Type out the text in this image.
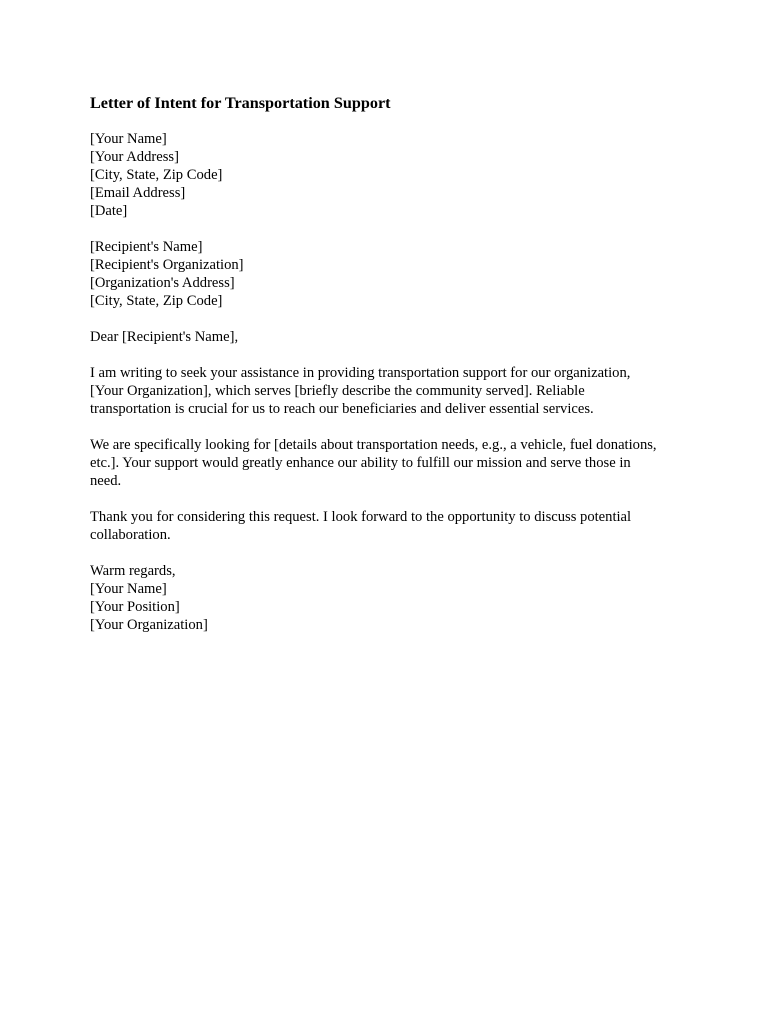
Letter of Intent for Transportation Support
[Your Name]
[Your Address]
[City, State, Zip Code]
[Email Address]
[Date]
[Recipient's Name]
[Recipient's Organization]
[Organization's Address]
[City, State, Zip Code]
Dear [Recipient's Name],

I am writing to seek your assistance in providing transportation support for our organization,
[Your Organization], which serves [briefly describe the community served]. Reliable
transportation is crucial for us to reach our beneficiaries and deliver essential services.

We are specifically looking for [details about transportation needs, e.g., a vehicle, fuel donations,
etc.]. Your support would greatly enhance our ability to fulfill our mission and serve those in
need.

Thank you for considering this request. I look forward to the opportunity to discuss potential
collaboration.

Warm regards,
[Your Name]
[Your Position]
[Your Organization]
